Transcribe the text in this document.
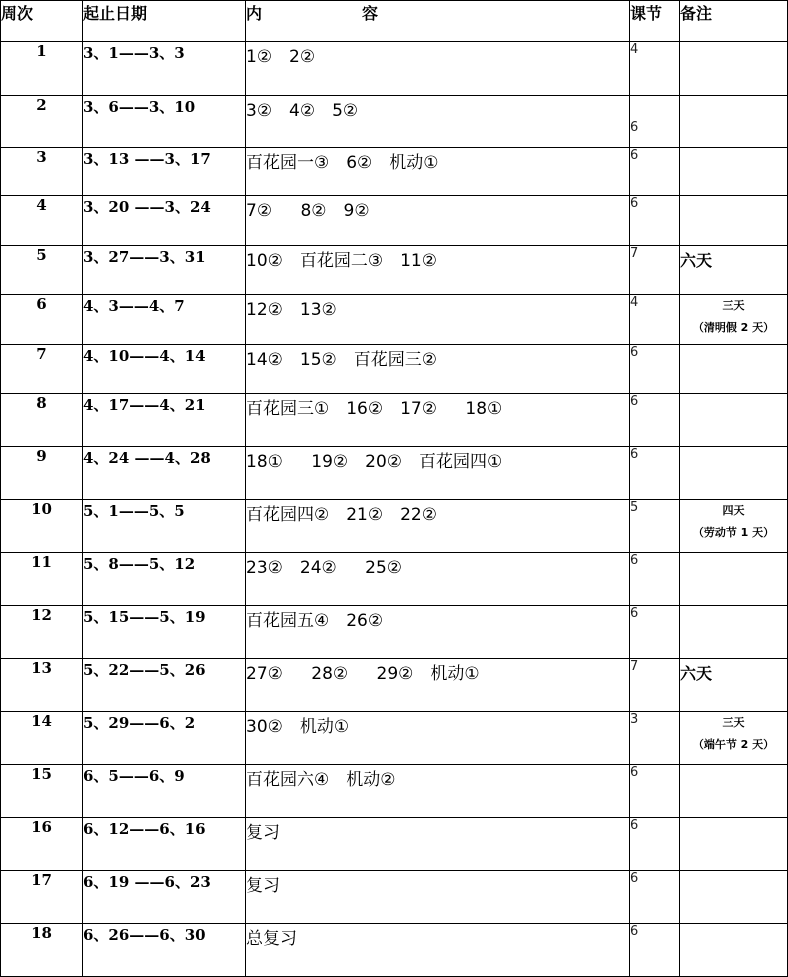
周次	起止日期	内 容	课节	备注
1	3、1——3、3	1②　2②	4	
2	3、6——3、10	3②　4②　5②	6	
3	3、13 ——3、17	百花园一③　6②　机动①	6	
4	3、20 ——3、24	7②　 8②　9②	6	
5	3、27——3、31	10②　百花园二③　11②	7	六天

6	4、3——4、7	12②　13②	4	三天
（清明假 2 天）

7	4、10——4、14	14②　15②　百花园三②	6	
8	4、17——4、21	百花园三①　16②　17②　 18①	6	
9	4、24 ——4、28	18①　 19②　20②　百花园四①	6	
10	5、1——5、5	百花园四②　21②　22②	5	四天
（劳动节 1 天）

11	5、8——5、12	23②　24②　 25②	6	
12	5、15——5、19	百花园五④　26②	6	
13	5、22——5、26	27②　 28②　 29②　机动①	7	六天

14	5、29——6、2	30②　机动①	3	三天
（端午节 2 天）

15	6、5——6、9	百花园六④　机动②	6	
16	6、12——6、16	复习	6	
17	6、19 ——6、23	复习	6	
18	6、26——6、30	总复习	6	
